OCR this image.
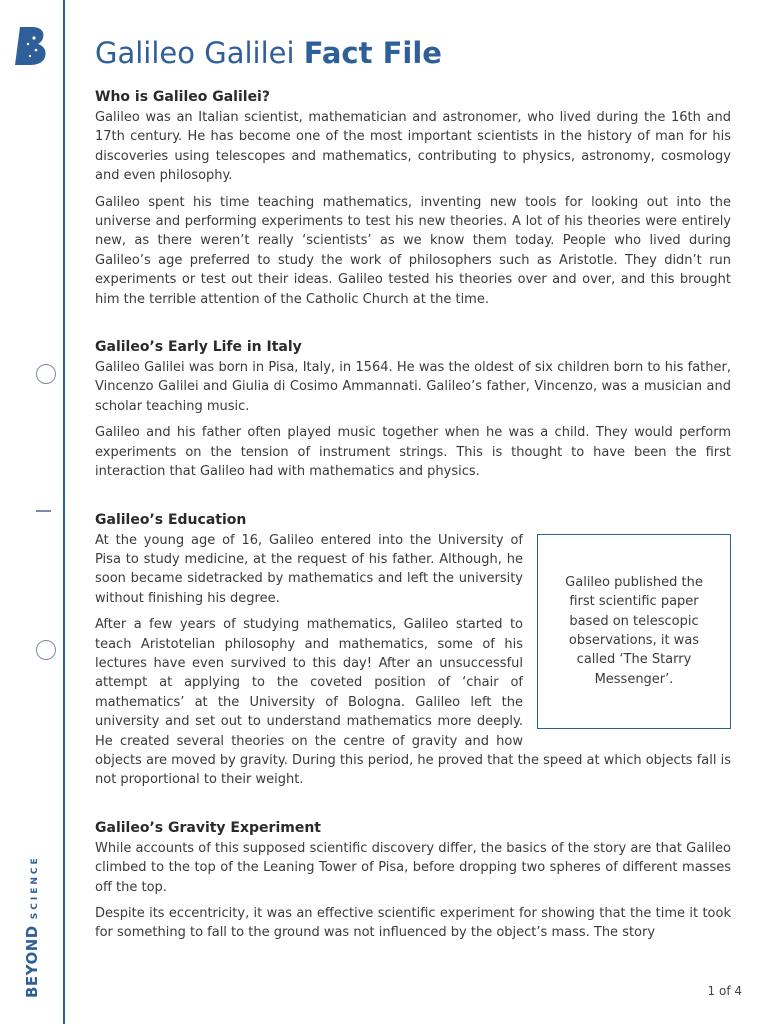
BEYONDSCIENCE
Galileo Galilei Fact File
Who is Galileo Galilei?

Galileo was an Italian scientist, mathematician and astronomer, who lived during the 16th and 17th century. He has become one of the most important scientists in the history of man for his discoveries using telescopes and mathematics, contributing to physics, astronomy, cosmology and even philosophy.

Galileo spent his time teaching mathematics, inventing new tools for looking out into the universe and performing experiments to test his new theories. A lot of his theories were entirely new, as there weren’t really ‘scientists’ as we know them today. People who lived during Galileo’s age preferred to study the work of philosophers such as Aristotle. They didn’t run experiments or test out their ideas. Galileo tested his theories over and over, and this brought him the terrible attention of the Catholic Church at the time.

Galileo’s Early Life in Italy

Galileo Galilei was born in Pisa, Italy, in 1564. He was the oldest of six children born to his father, Vincenzo Galilei and Giulia di Cosimo Ammannati. Galileo’s father, Vincenzo, was a musician and scholar teaching music.

Galileo and his father often played music together when he was a child. They would perform experiments on the tension of instrument strings. This is thought to have been the first interaction that Galileo had with mathematics and physics.

Galileo’s Education
Galileo published the first scientific paper based on telescopic observations, it was called ‘The Starry Messenger’.

At the young age of 16, Galileo entered into the University of Pisa to study medicine, at the request of his father. Although, he soon became sidetracked by mathematics and left the university without finishing his degree.

After a few years of studying mathematics, Galileo started to teach Aristotelian philosophy and mathematics, some of his lectures have even survived to this day! After an unsuccessful attempt at applying to the coveted position of ‘chair of mathematics’ at the University of Bologna. Galileo left the university and set out to understand mathematics more deeply. He created several theories on the centre of gravity and how objects are moved by gravity. During this period, he proved that the speed at which objects fall is not proportional to their weight.

Galileo’s Gravity Experiment

While accounts of this supposed scientific discovery differ, the basics of the story are that Galileo climbed to the top of the Leaning Tower of Pisa, before dropping two spheres of different masses off the top.

Despite its eccentricity, it was an effective scientific experiment for showing that the time it took for something to fall to the ground was not influenced by the object’s mass. The story

1 of 4
